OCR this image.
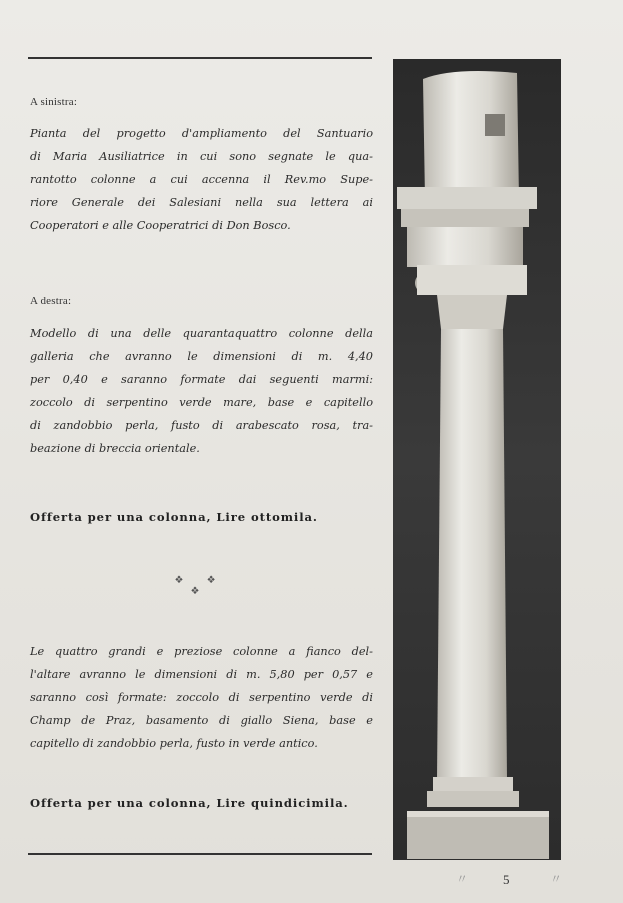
A sinistra:
Pianta del progetto d'ampliamento del Santuario
di Maria Ausiliatrice in cui sono segnate le qua-
rantotto colonne a cui accenna il Rev.mo Supe-
riore Generale dei Salesiani nella sua lettera ai
Cooperatori e alle Cooperatrici di Don Bosco.
A destra:
Modello di una delle quarantaquattro colonne della
galleria che avranno le dimensioni di m. 4,40
per 0,40 e saranno formate dai seguenti marmi:
zoccolo di serpentino verde mare, base e capitello
di zandobbio perla, fusto di arabescato rosa, tra-
beazione di breccia orientale.
Offerta per una colonna, Lire ottomila.
❖ ❖ ❖
Le quattro grandi e preziose colonne a fianco del-
l'altare avranno le dimensioni di m. 5,80 per 0,57 e
saranno così formate: zoccolo di serpentino verde di
Champ de Praz, basamento di giallo Siena, base e
capitello di zandobbio perla, fusto in verde antico.
Offerta per una colonna, Lire quindicimila.
〃	5	〃
